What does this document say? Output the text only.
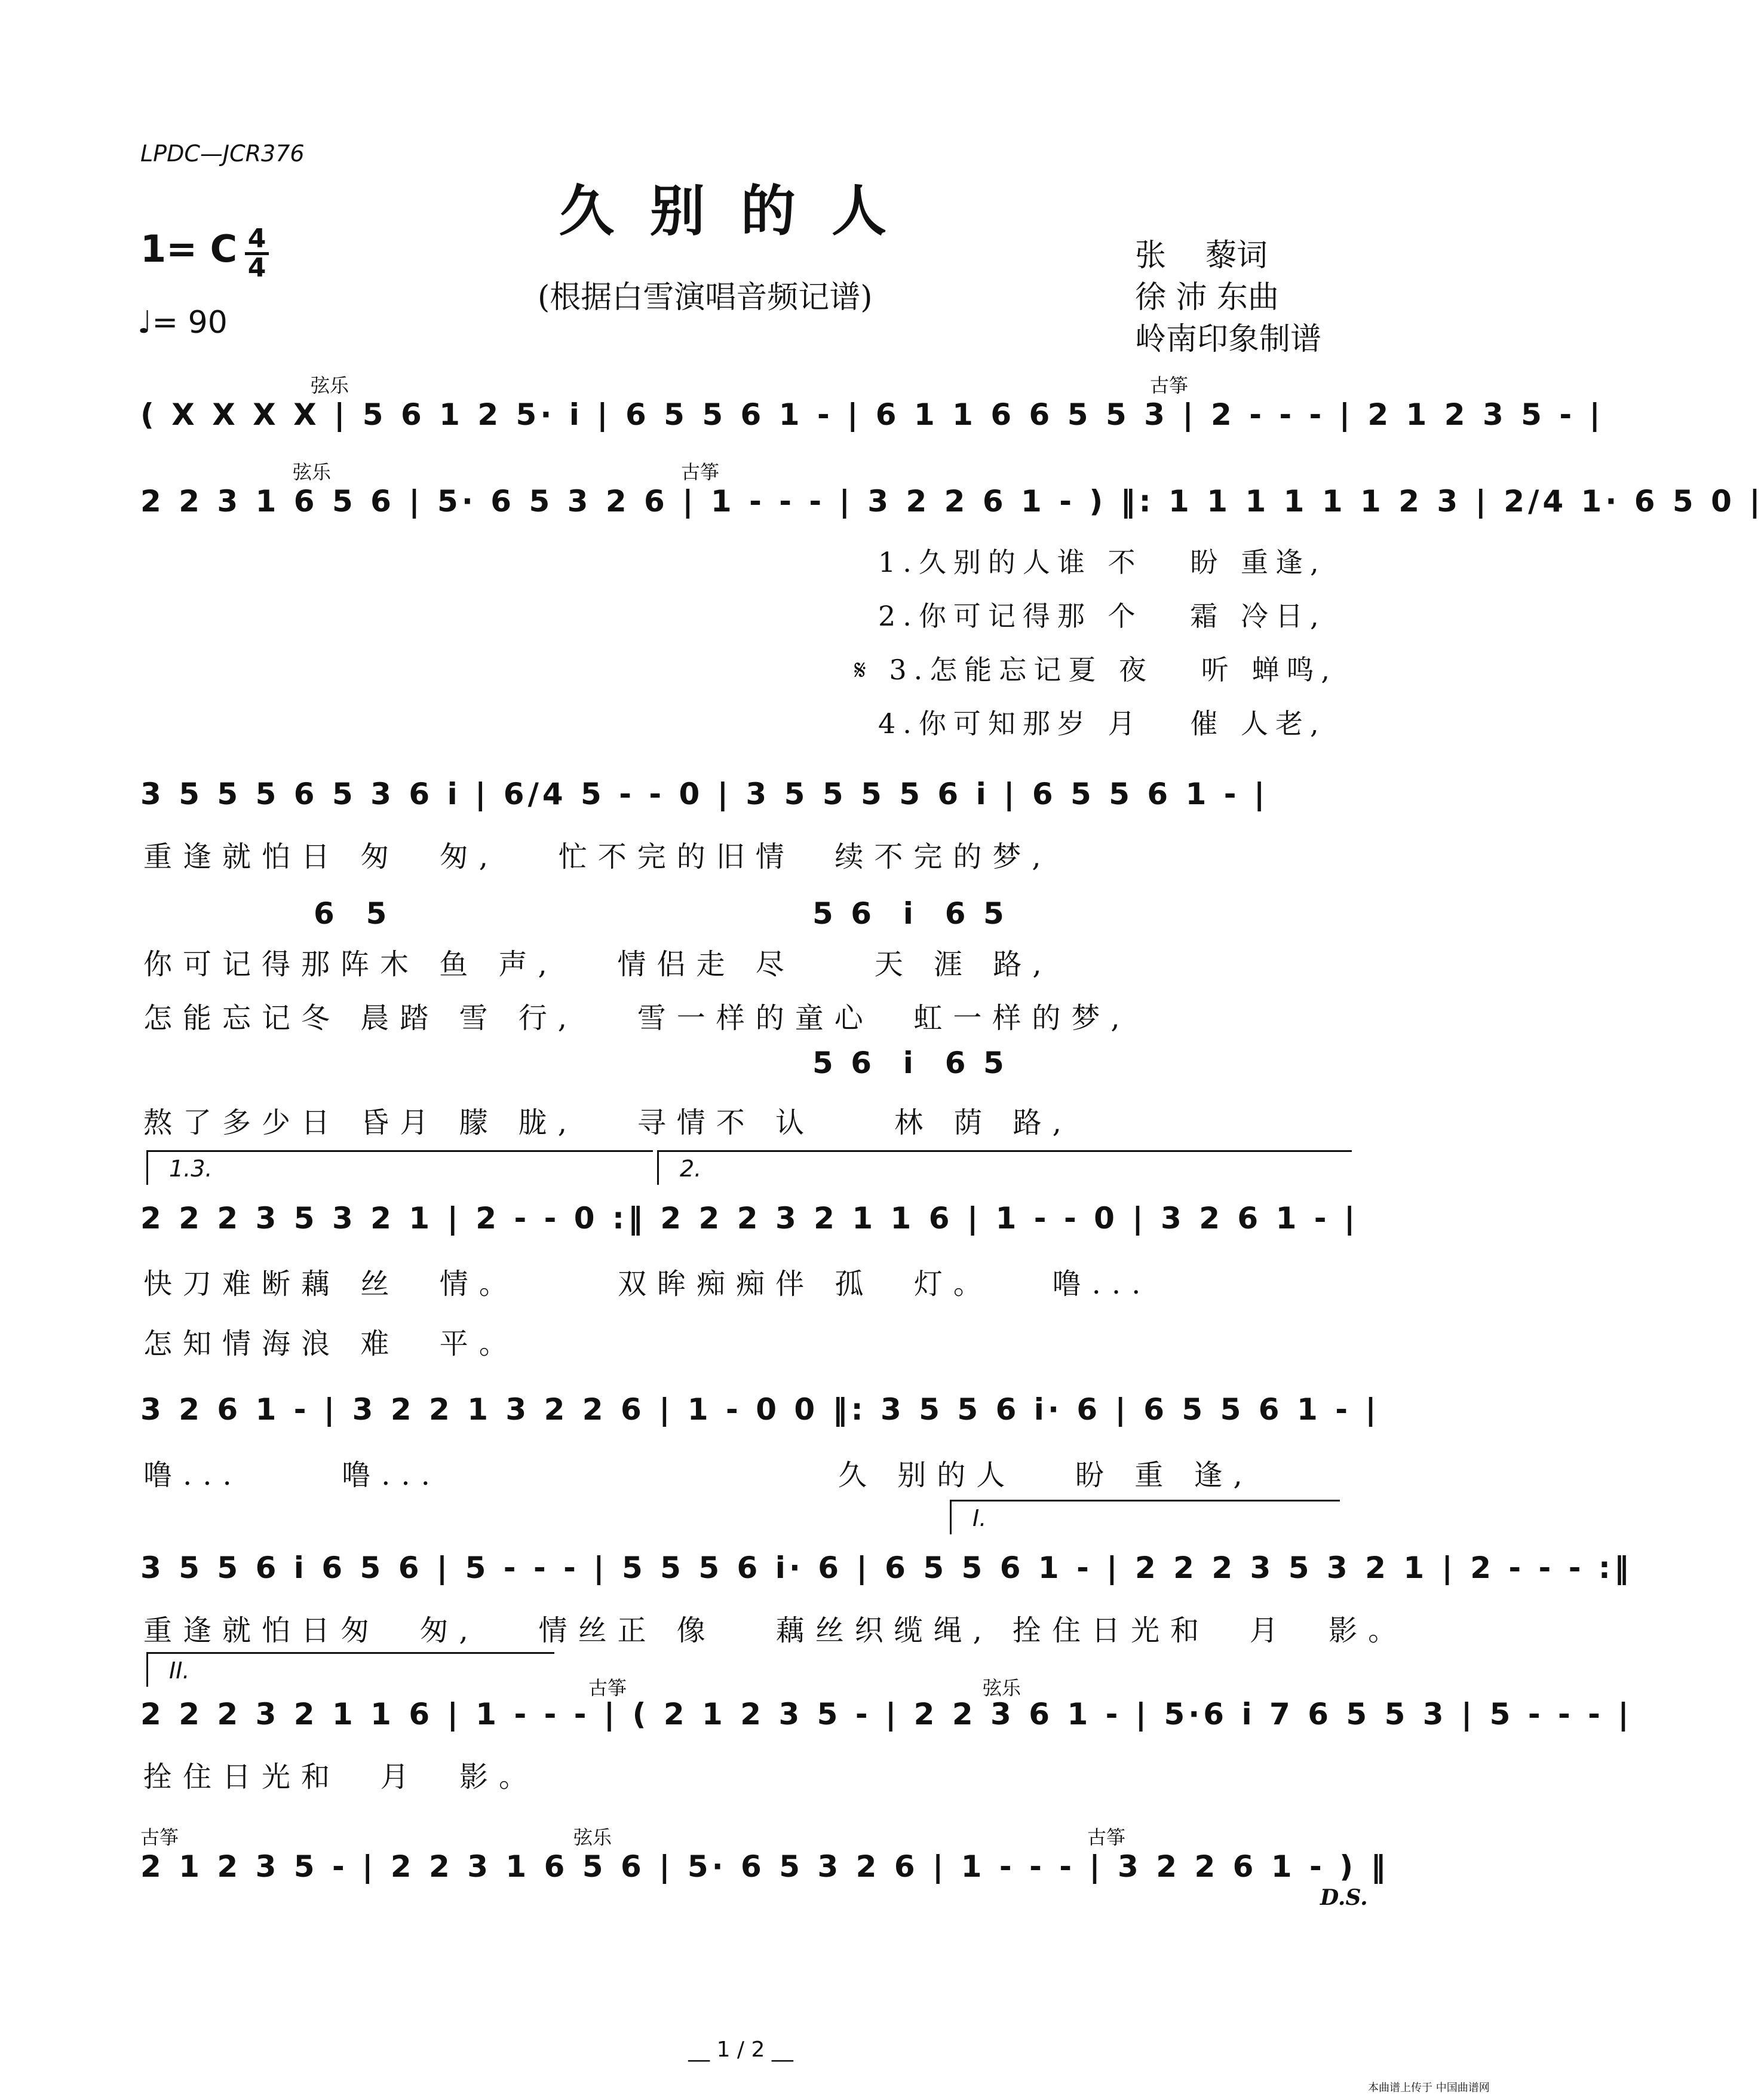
LPDC—JCR376
久别的人
1= C 4
4
♩= 90
(根据白雪演唱音频记谱)
张    藜词
徐 沛 东曲
岭南印象制谱
弦乐	古筝
( X X X X | 5 6 1 2 5· i | 6 5 5 6 1 - | 6 1 1 6 6 5 5 3 | 2 - - - | 2 1 2 3 5 - |
弦乐	古筝
2 2 3 1 6 5 6 | 5· 6 5 3 2 6 | 1 - - - | 3 2 2 6 1 - ) ‖: 1 1 1 1 1 1 2 3 | 2/4 1· 6 5 0 |
1.久别的人谁 不   盼 重逢,
2.你可记得那 个   霜 冷日,
𝄋 3.怎能忘记夏 夜   听 蝉鸣,
4.你可知那岁 月   催 人老,
3 5 5 5 6 5 3 6 i | 6/4 5 - - 0 | 3 5 5 5 5 6 i | 6 5 5 6 1 - |
重逢就怕日 匆  匆,   忙不完的旧情  续不完的梦,
6  5	5 6  i  6 5
你可记得那阵木 鱼 声,   情侣走 尽    天 涯 路,
怎能忘记冬 晨踏 雪 行,   雪一样的童心  虹一样的梦,
5 6  i  6 5
熬了多少日 昏月 朦 胧,   寻情不 认    林 荫 路,
1.3.	2.
2 2 2 3 5 3 2 1 | 2 - - 0 :‖ 2 2 2 3 2 1 1 6 | 1 - - 0 | 3 2 6 1 - |
快刀难断藕 丝  情。     双眸痴痴伴 孤  灯。   噜...
怎知情海浪 难  平。
3 2 6 1 - | 3 2 2 1 3 2 2 6 | 1 - 0 0 ‖: 3 5 5 6 i· 6 | 6 5 5 6 1 - |
噜...     噜...                    久 别的人   盼 重 逢,
I.
3 5 5 6 i 6 5 6 | 5 - - - | 5 5 5 6 i· 6 | 6 5 5 6 1 - | 2 2 2 3 5 3 2 1 | 2 - - - :‖
重逢就怕日匆  匆,   情丝正 像   藕丝织缆绳, 拴住日光和  月  影。
II.
古筝	弦乐
2 2 2 3 2 1 1 6 | 1 - - - | ( 2 1 2 3 5 - | 2 2 3 6 1 - | 5·6 i 7 6 5 5 3 | 5 - - - |
拴住日光和  月  影。
古筝	弦乐	古筝
2 1 2 3 5 - | 2 2 3 1 6 5 6 | 5· 6 5 3 2 6 | 1 - - - | 3 2 2 6 1 - ) ‖
D.S.
__ 1 / 2 __
本曲谱上传于 中国曲谱网
